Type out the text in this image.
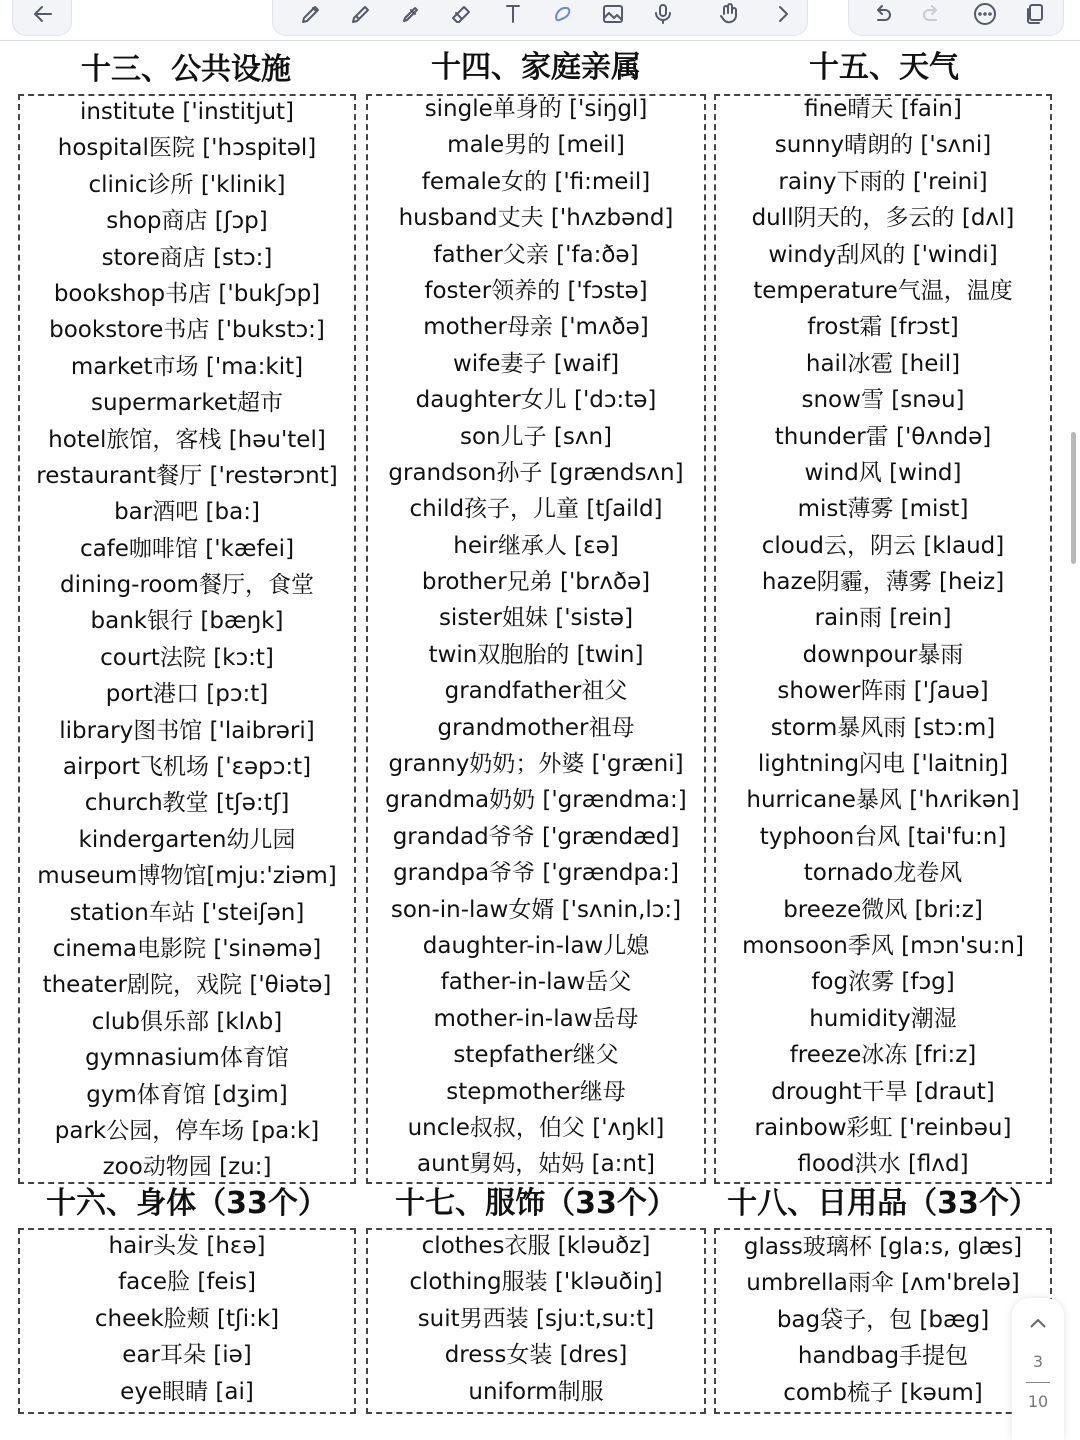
十三、公共设施	十四、家庭亲属	十五、天气
institute ['institjut]
hospital医院 ['hɔspitəl]
clinic诊所 ['klinik]
shop商店 [ʃɔp]
store商店 [stɔ:]
bookshop书店 ['bukʃɔp]
bookstore书店 ['bukstɔ:]
market市场 ['ma:kit]
supermarket超市
hotel旅馆，客栈 [həu'tel]
restaurant餐厅 ['restərɔnt]
bar酒吧 [ba:]
cafe咖啡馆 ['kæfei]
dining-room餐厅，食堂
bank银行 [bæŋk]
court法院 [kɔ:t]
port港口 [pɔ:t]
library图书馆 ['laibrəri]
airport飞机场 ['ɛəpɔ:t]
church教堂 [tʃə:tʃ]
kindergarten幼儿园
museum博物馆[mju:'ziəm]
station车站 ['steiʃən]
cinema电影院 ['sinəmə]
theater剧院，戏院 ['θiətə]
club俱乐部 [klʌb]
gymnasium体育馆
gym体育馆 [dʒim]
park公园，停车场 [pa:k]
zoo动物园 [zu:]
single单身的 ['siŋgl]
male男的 [meil]
female女的 ['fi:meil]
husband丈夫 ['hʌzbənd]
father父亲 ['fa:ðə]
foster领养的 ['fɔstə]
mother母亲 ['mʌðə]
wife妻子 [waif]
daughter女儿 ['dɔ:tə]
son儿子 [sʌn]
grandson孙子 [grændsʌn]
child孩子，儿童 [tʃaild]
heir继承人 [ɛə]
brother兄弟 ['brʌðə]
sister姐妹 ['sistə]
twin双胞胎的 [twin]
grandfather祖父
grandmother祖母
granny奶奶；外婆 ['græni]
grandma奶奶 ['grændma:]
grandad爷爷 ['grændæd]
grandpa爷爷 ['grændpa:]
son-in-law女婿 ['sʌnin,lɔ:]
daughter-in-law儿媳
father-in-law岳父
mother-in-law岳母
stepfather继父
stepmother继母
uncle叔叔，伯父 ['ʌŋkl]
aunt舅妈，姑妈 [a:nt]
fine晴天 [fain]
sunny晴朗的 ['sʌni]
rainy下雨的 ['reini]
dull阴天的，多云的 [dʌl]
windy刮风的 ['windi]
temperature气温，温度
frost霜 [frɔst]
hail冰雹 [heil]
snow雪 [snəu]
thunder雷 ['θʌndə]
wind风 [wind]
mist薄雾 [mist]
cloud云，阴云 [klaud]
haze阴霾，薄雾 [heiz]
rain雨 [rein]
downpour暴雨
shower阵雨 ['ʃauə]
storm暴风雨 [stɔ:m]
lightning闪电 ['laitniŋ]
hurricane暴风 ['hʌrikən]
typhoon台风 [tai'fu:n]
tornado龙卷风
breeze微风 [bri:z]
monsoon季风 [mɔn'su:n]
fog浓雾 [fɔg]
humidity潮湿
freeze冰冻 [fri:z]
drought干旱 [draut]
rainbow彩虹 ['reinbəu]
flood洪水 [flʌd]
十六、身体（33个）	十七、服饰（33个）	十八、日用品（33个）
hair头发 [hɛə]
face脸 [feis]
cheek脸颊 [tʃi:k]
ear耳朵 [iə]
eye眼睛 [ai]
clothes衣服 [kləuðz]
clothing服装 ['kləuðiŋ]
suit男西装 [sju:t,su:t]
dress女装 [dres]
uniform制服
glass玻璃杯 [gla:s, glæs]
umbrella雨伞 [ʌm'brelə]
bag袋子，包 [bæg]
handbag手提包
comb梳子 [kəum]
3
10
